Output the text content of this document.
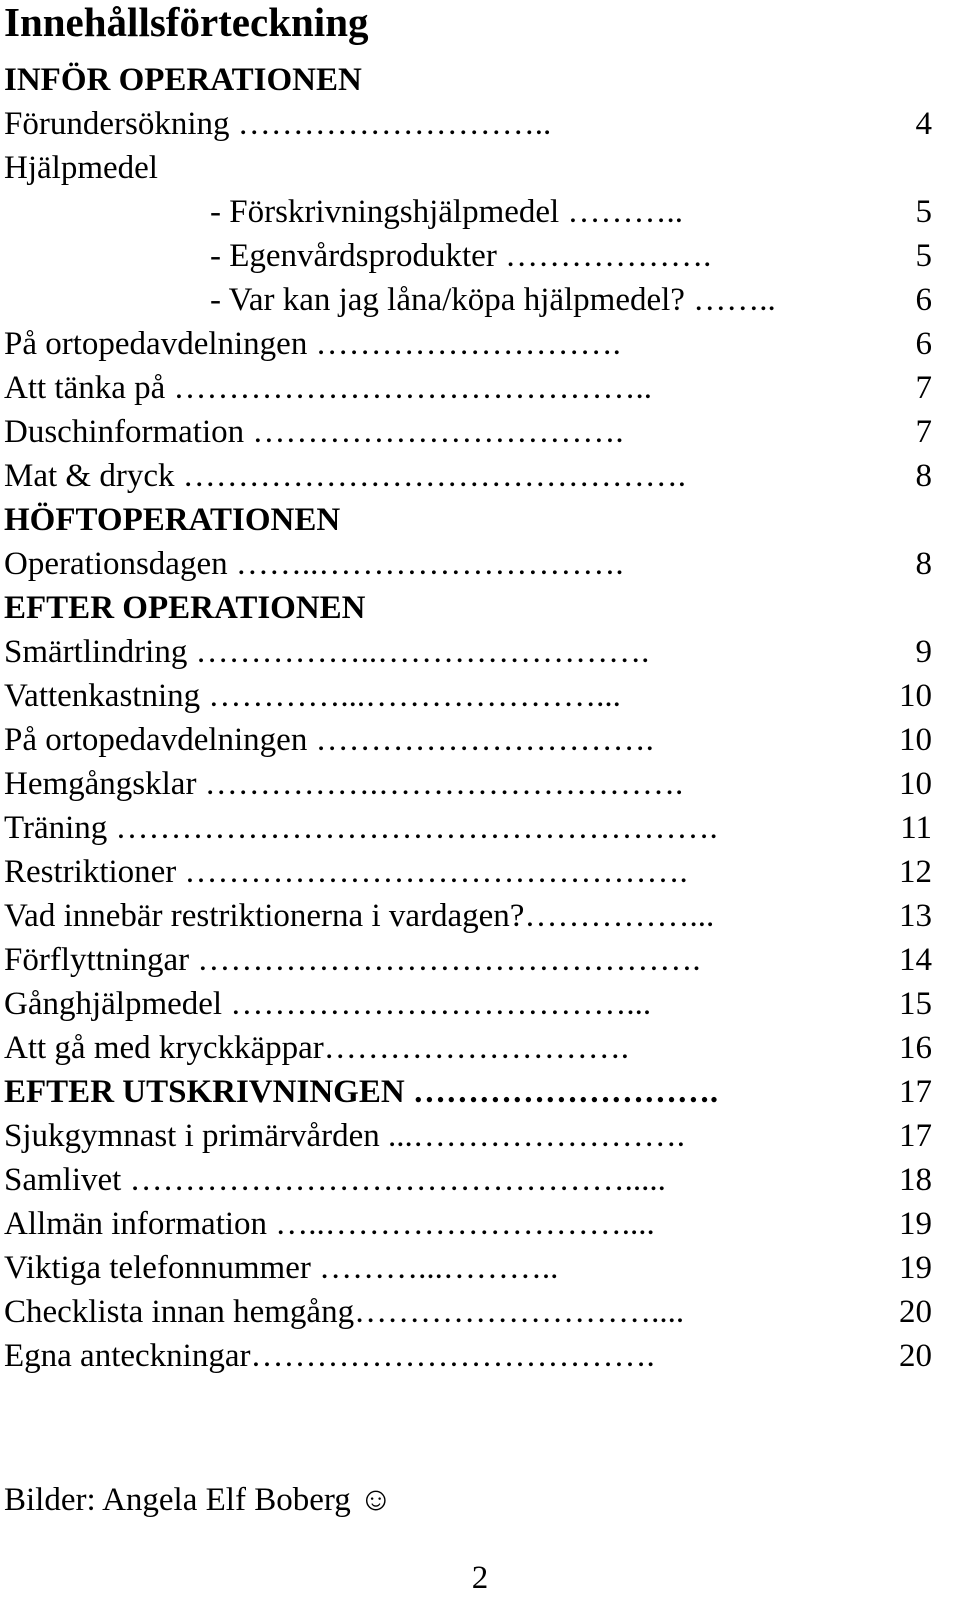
Innehållsförteckning
INFÖR OPERATIONEN
Förundersökning ………………………..	4
Hjälpmedel
- Förskrivningshjälpmedel ………..	5
- Egenvårdsprodukter ……………….	5
- Var kan jag låna/köpa hjälpmedel? ……..	6
På ortopedavdelningen ……………………….	6
Att tänka på ……………………………………..	7
Duschinformation …………………………….	7
Mat & dryck ……………………………………….	8
HÖFTOPERATIONEN
Operationsdagen ……..……………………….	8
EFTER OPERATIONEN
Smärtlindring ……………..…………………….	9
Vattenkastning …………...…………………...	10
På ortopedavdelningen ………………………….	10
Hemgångsklar …………….……………………….	10
Träning ……………………………………………….	11
Restriktioner ……………………………………….	12
Vad innebär restriktionerna i vardagen?……………...	13
Förflyttningar ……………………………………….	14
Gånghjälpmedel ………………………………...	15
Att gå med kryckkäppar……………………….	16
EFTER UTSKRIVNINGEN ……………………….	17
Sjukgymnast i primärvården ...…………………….	17
Samlivet ……………………………………….....	18
Allmän information …..………………………....	19
Viktiga telefonnummer ………...………..	19
Checklista innan hemgång………………………....	20
Egna anteckningar……………………………….	20
Bilder: Angela Elf Boberg ☺
2
